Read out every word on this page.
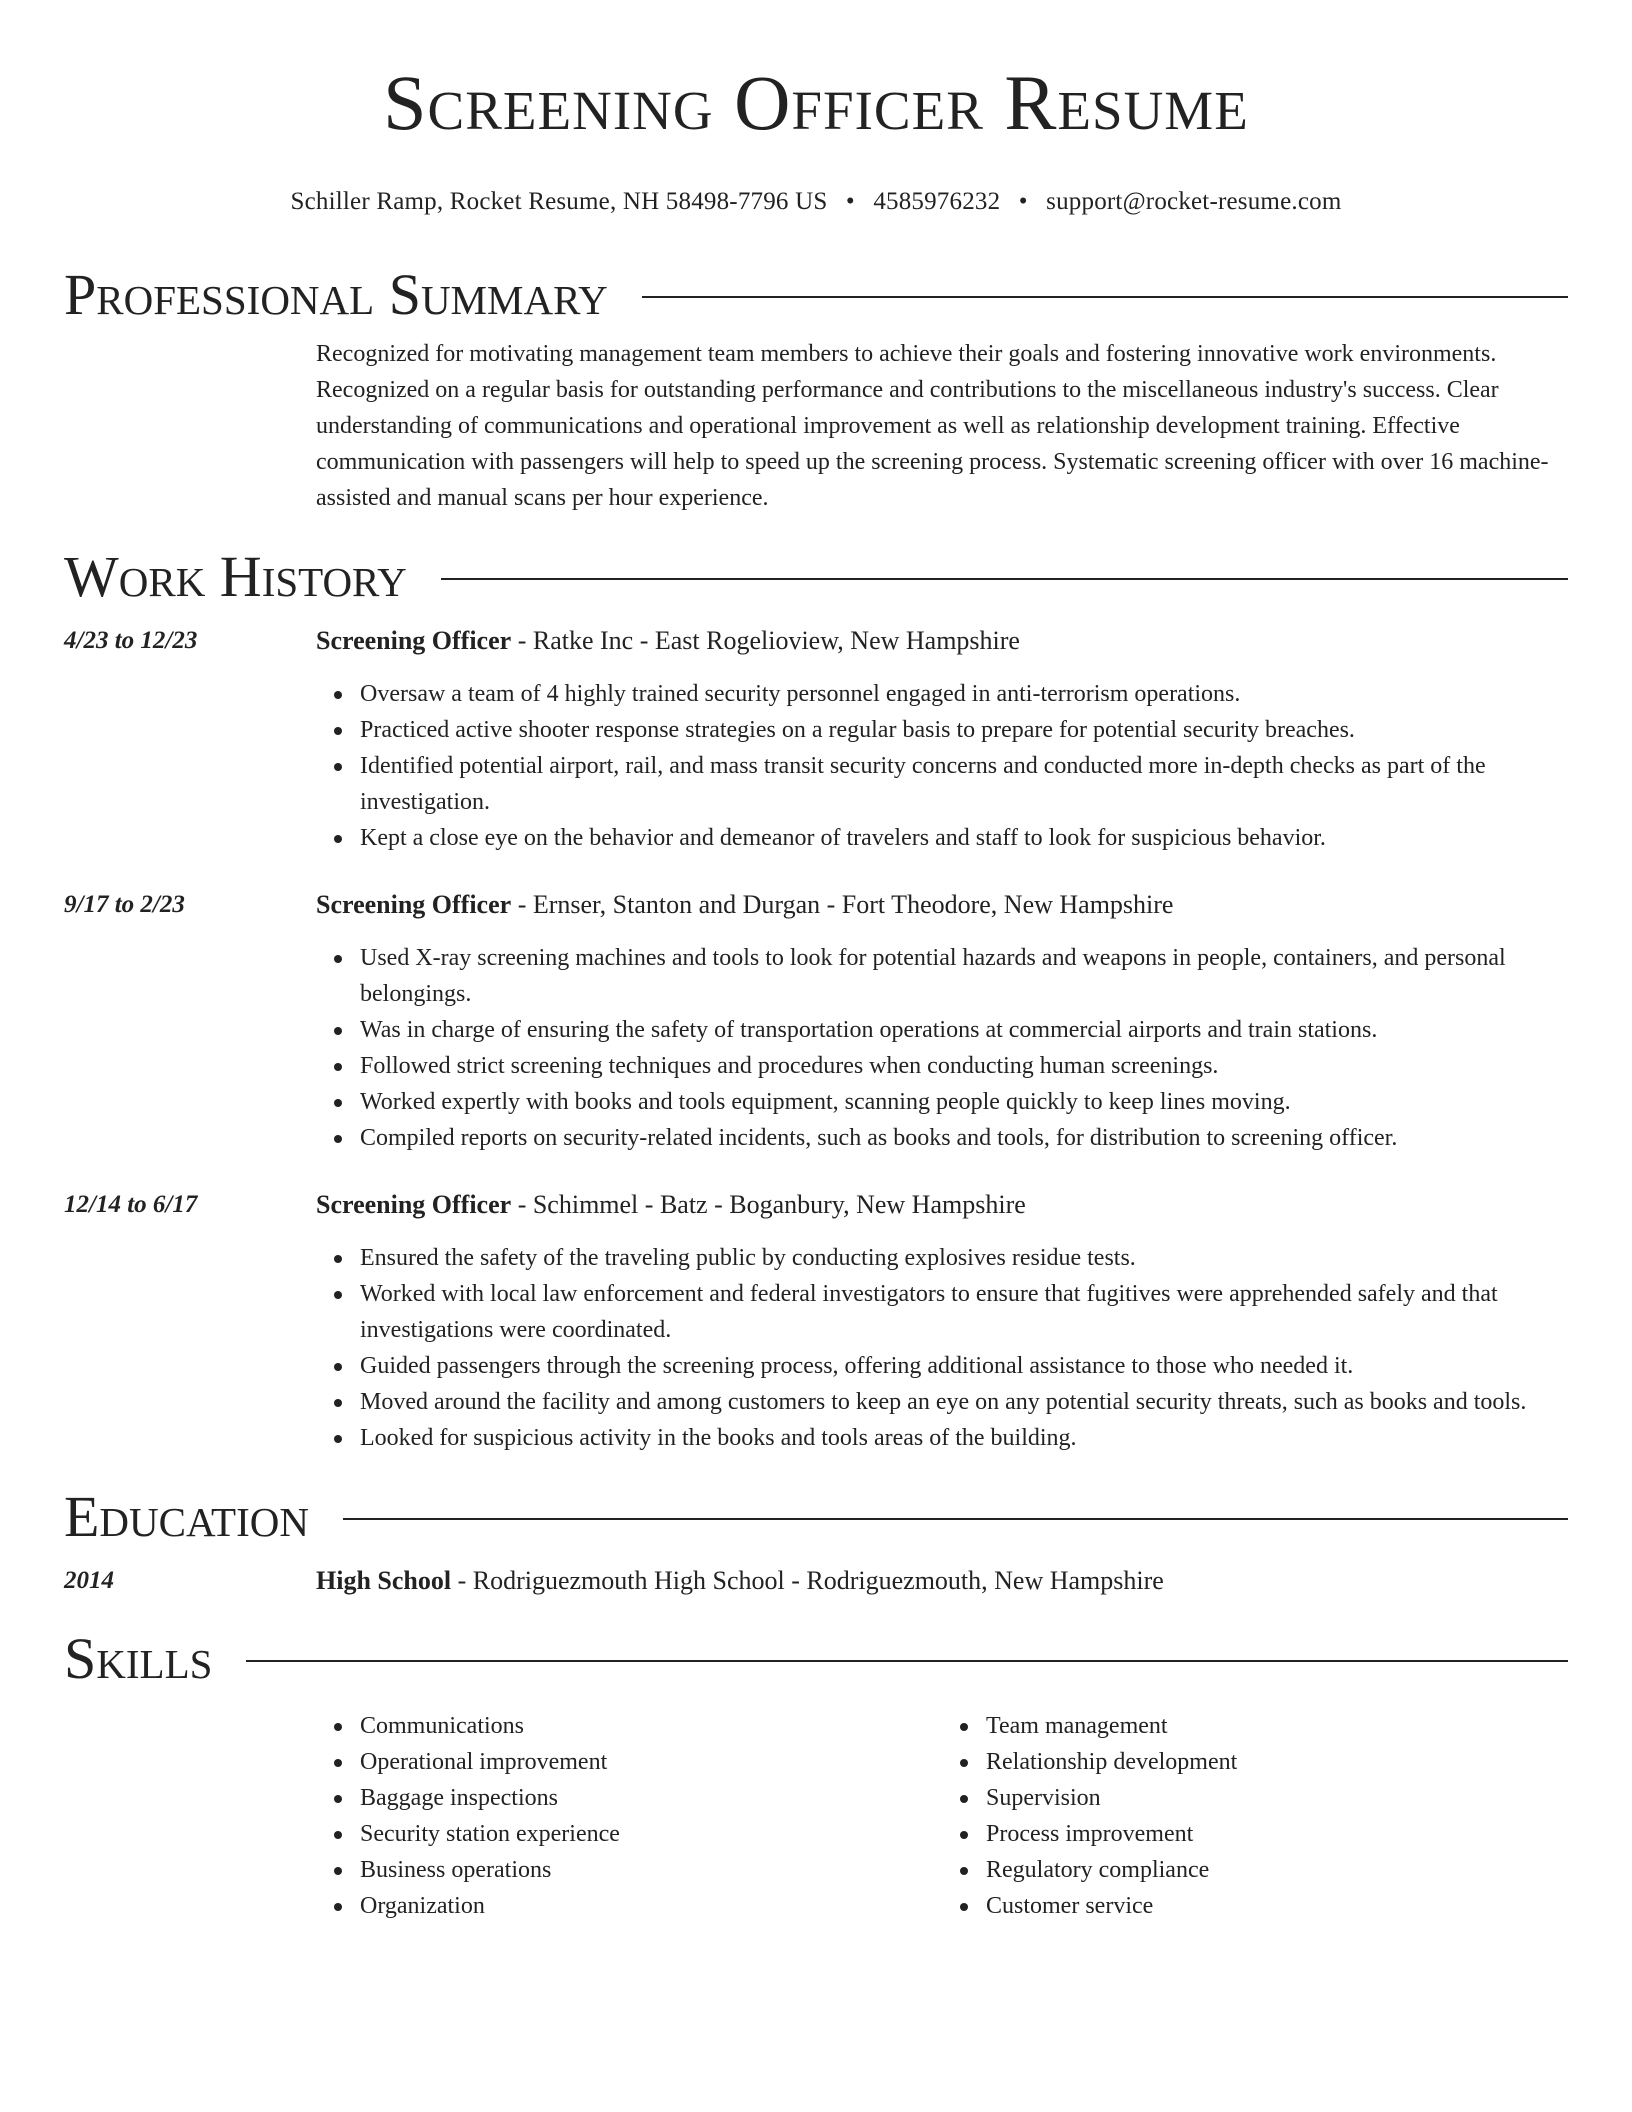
Screening Officer Resume
Schiller Ramp, Rocket Resume, NH 58498-7796 US • 4585976232 • support@rocket-resume.com
Professional Summary
Recognized for motivating management team members to achieve their goals and fostering innovative work environments. Recognized on a regular basis for outstanding performance and contributions to the miscellaneous industry's success. Clear understanding of communications and operational improvement as well as relationship development training. Effective communication with passengers will help to speed up the screening process. Systematic screening officer with over 16 machine-assisted and manual scans per hour experience.
Work History
4/23 to 12/23	Screening Officer - Ratke Inc - East Rogelioview, New Hampshire
Oversaw a team of 4 highly trained security personnel engaged in anti-terrorism operations.
Practiced active shooter response strategies on a regular basis to prepare for potential security breaches.
Identified potential airport, rail, and mass transit security concerns and conducted more in-depth checks as part of the investigation.
Kept a close eye on the behavior and demeanor of travelers and staff to look for suspicious behavior.
9/17 to 2/23	Screening Officer - Ernser, Stanton and Durgan - Fort Theodore, New Hampshire
Used X-ray screening machines and tools to look for potential hazards and weapons in people, containers, and personal belongings.
Was in charge of ensuring the safety of transportation operations at commercial airports and train stations.
Followed strict screening techniques and procedures when conducting human screenings.
Worked expertly with books and tools equipment, scanning people quickly to keep lines moving.
Compiled reports on security-related incidents, such as books and tools, for distribution to screening officer.
12/14 to 6/17	Screening Officer - Schimmel - Batz - Boganbury, New Hampshire
Ensured the safety of the traveling public by conducting explosives residue tests.
Worked with local law enforcement and federal investigators to ensure that fugitives were apprehended safely and that investigations were coordinated.
Guided passengers through the screening process, offering additional assistance to those who needed it.
Moved around the facility and among customers to keep an eye on any potential security threats, such as books and tools.
Looked for suspicious activity in the books and tools areas of the building.
Education
2014	High School - Rodriguezmouth High School - Rodriguezmouth, New Hampshire
Skills
Communications
Operational improvement
Baggage inspections
Security station experience
Business operations
Organization
Team management
Relationship development
Supervision
Process improvement
Regulatory compliance
Customer service
